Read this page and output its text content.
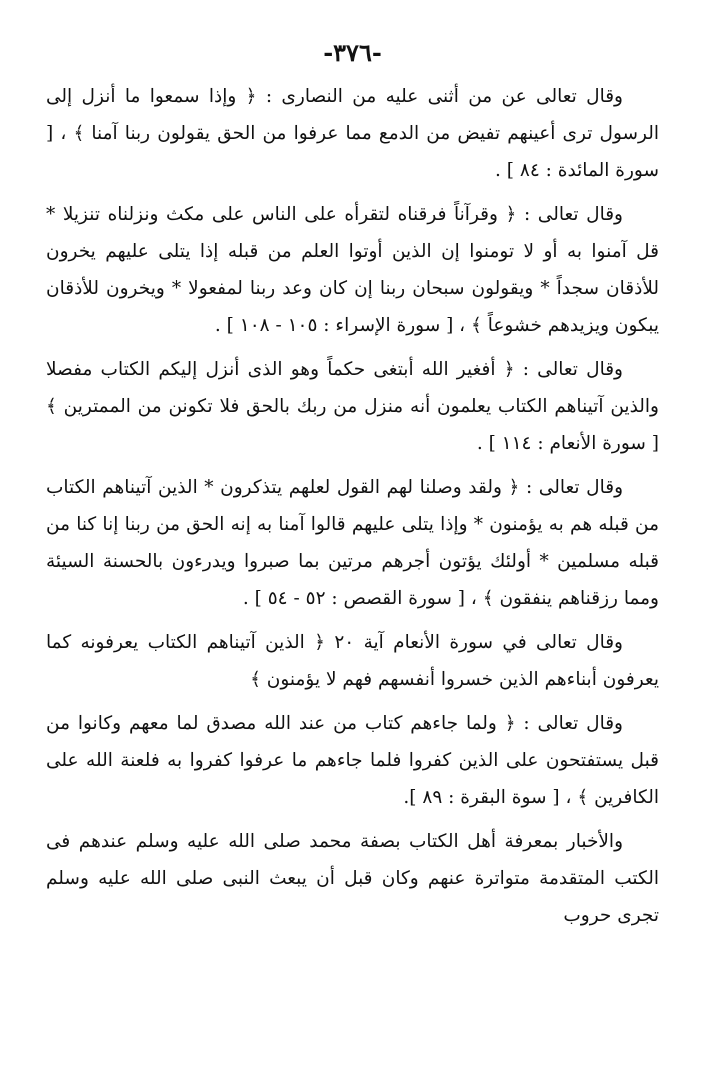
-٣٧٦-

وقال تعالى عن من أثنى عليه من النصارى : ﴿ وإذا سمعوا ما أنزل إلى الرسول ترى أعينهم تفيض من الدمع مما عرفوا من الحق يقولون ربنا آمنا ﴾ ، [ سورة المائدة : ٨٤ ] .

وقال تعالى : ﴿ وقرآناً فرقناه لتقرأه على الناس على مكث ونزلناه تنزيلا * قل آمنوا به أو لا تومنوا إن الذين أوتوا العلم من قبله إذا يتلى عليهم يخرون للأذقان سجداً * ويقولون سبحان ربنا إن كان وعد ربنا لمفعولا * ويخرون للأذقان يبكون ويزيدهم خشوعاً ﴾ ، [ سورة الإسراء : ١٠٥ - ١٠٨ ] .

وقال تعالى : ﴿ أفغير الله أبتغى حكماً وهو الذى أنزل إليكم الكتاب مفصلا والذين آتيناهم الكتاب يعلمون أنه منزل من ربك بالحق فلا تكونن من الممترين ﴾ [ سورة الأنعام : ١١٤ ] .

وقال تعالى : ﴿ ولقد وصلنا لهم القول لعلهم يتذكرون * الذين آتيناهم الكتاب من قبله هم به يؤمنون * وإذا يتلى عليهم قالوا آمنا به إنه الحق من ربنا إنا كنا من قبله مسلمين * أولئك يؤتون أجرهم مرتين بما صبروا ويدرءون بالحسنة السيئة ومما رزقناهم ينفقون ﴾ ، [ سورة القصص : ٥٢ - ٥٤ ] .

وقال تعالى في سورة الأنعام آية ٢٠ ﴿ الذين آتيناهم الكتاب يعرفونه كما يعرفون أبناءهم الذين خسروا أنفسهم فهم لا يؤمنون ﴾

وقال تعالى : ﴿ ولما جاءهم كتاب من عند الله مصدق لما معهم وكانوا من قبل يستفتحون على الذين كفروا فلما جاءهم ما عرفوا كفروا به فلعنة الله على الكافرين ﴾ ، [ سوة البقرة : ٨٩ ].

والأخبار بمعرفة أهل الكتاب بصفة محمد صلى الله عليه وسلم عندهم فى الكتب المتقدمة متواترة عنهم وكان قبل أن يبعث النبى صلى الله عليه وسلم تجرى حروب
